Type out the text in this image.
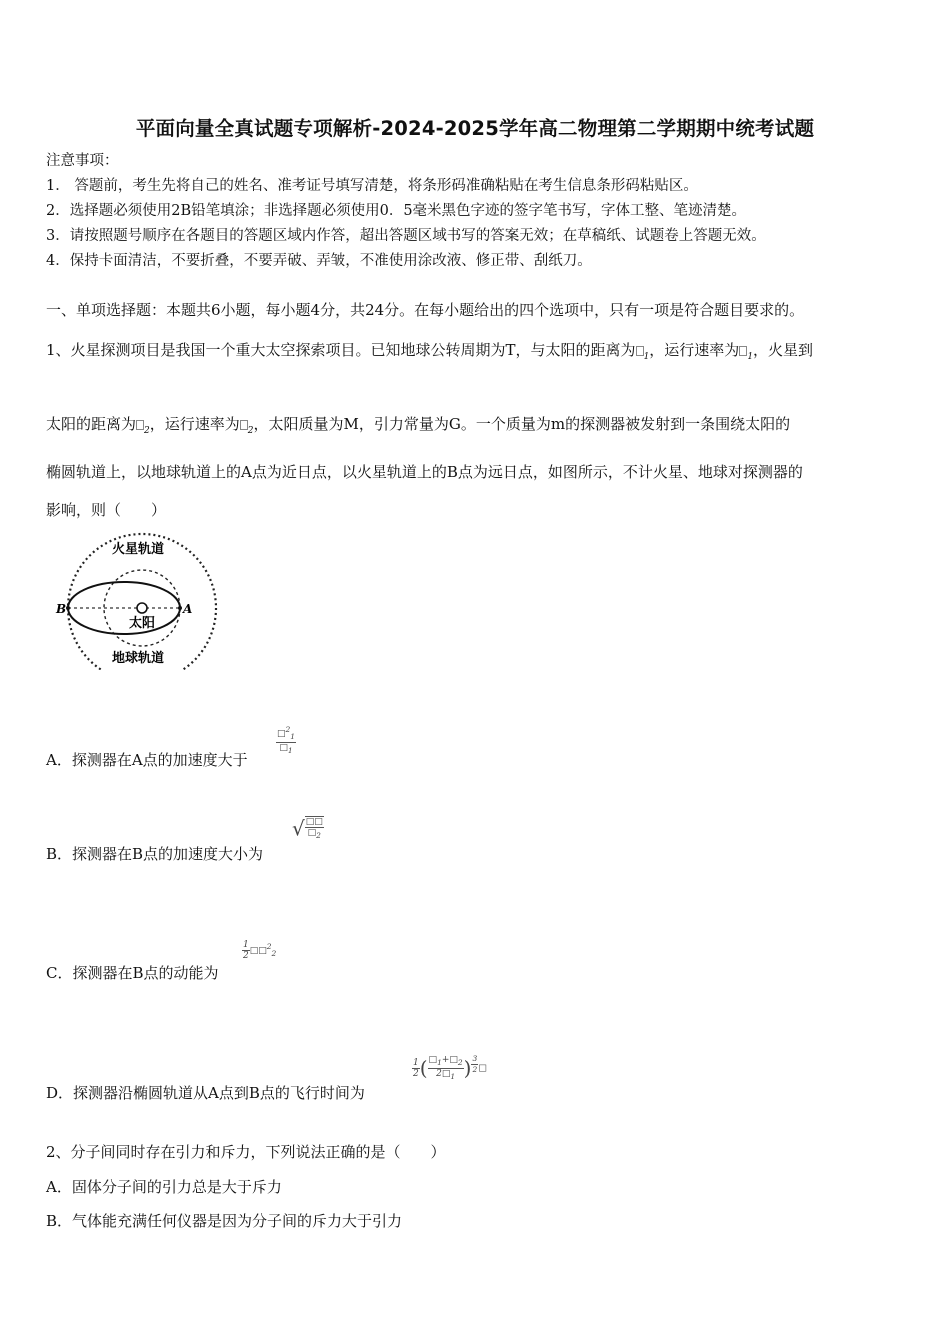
平面向量全真试题专项解析-2024-2025学年高二物理第二学期期中统考试题
注意事项：
1． 答题前，考生先将自己的姓名、准考证号填写清楚，将条形码准确粘贴在考生信息条形码粘贴区。
2．选择题必须使用2B铅笔填涂；非选择题必须使用0．5毫米黑色字迹的签字笔书写，字体工整、笔迹清楚。
3．请按照题号顺序在各题目的答题区域内作答，超出答题区域书写的答案无效；在草稿纸、试题卷上答题无效。
4．保持卡面清洁，不要折叠，不要弄破、弄皱，不准使用涂改液、修正带、刮纸刀。
一、单项选择题：本题共6小题，每小题4分，共24分。在每小题给出的四个选项中，只有一项是符合题目要求的。
1、火星探测项目是我国一个重大太空探索项目。已知地球公转周期为T，与太阳的距离为 $_1$，运行速率为 $_1$，火星到
太阳的距离为 $_2$，运行速率为 $_2$，太阳质量为M，引力常量为G。一个质量为m的探测器被发射到一条围绕太阳的
椭圆轨道上，以地球轨道上的A点为近日点，以火星轨道上的B点为远日点，如图所示，不计火星、地球对探测器的
影响，则（　　）
火星轨道
地球轨道
太阳
A
B
A．探测器在A点的加速度大于
$\frac{□^2_1}{□_1}$
B．探测器在B点的加速度大小为
√ $\frac{□□}{□_2}$
C．探测器在B点的动能为
$\frac{1}{2}$ □□$^2_2$
D．探测器沿椭圆轨道从A点到B点的飞行时间为
$\frac{1}{2}$ ( $\frac{□_1+□_2}{2□_1}$ ) $^{\frac{3}{2}}$ □
2、分子间同时存在引力和斥力，下列说法正确的是（　　）
A．固体分子间的引力总是大于斥力
B．气体能充满任何仪器是因为分子间的斥力大于引力
